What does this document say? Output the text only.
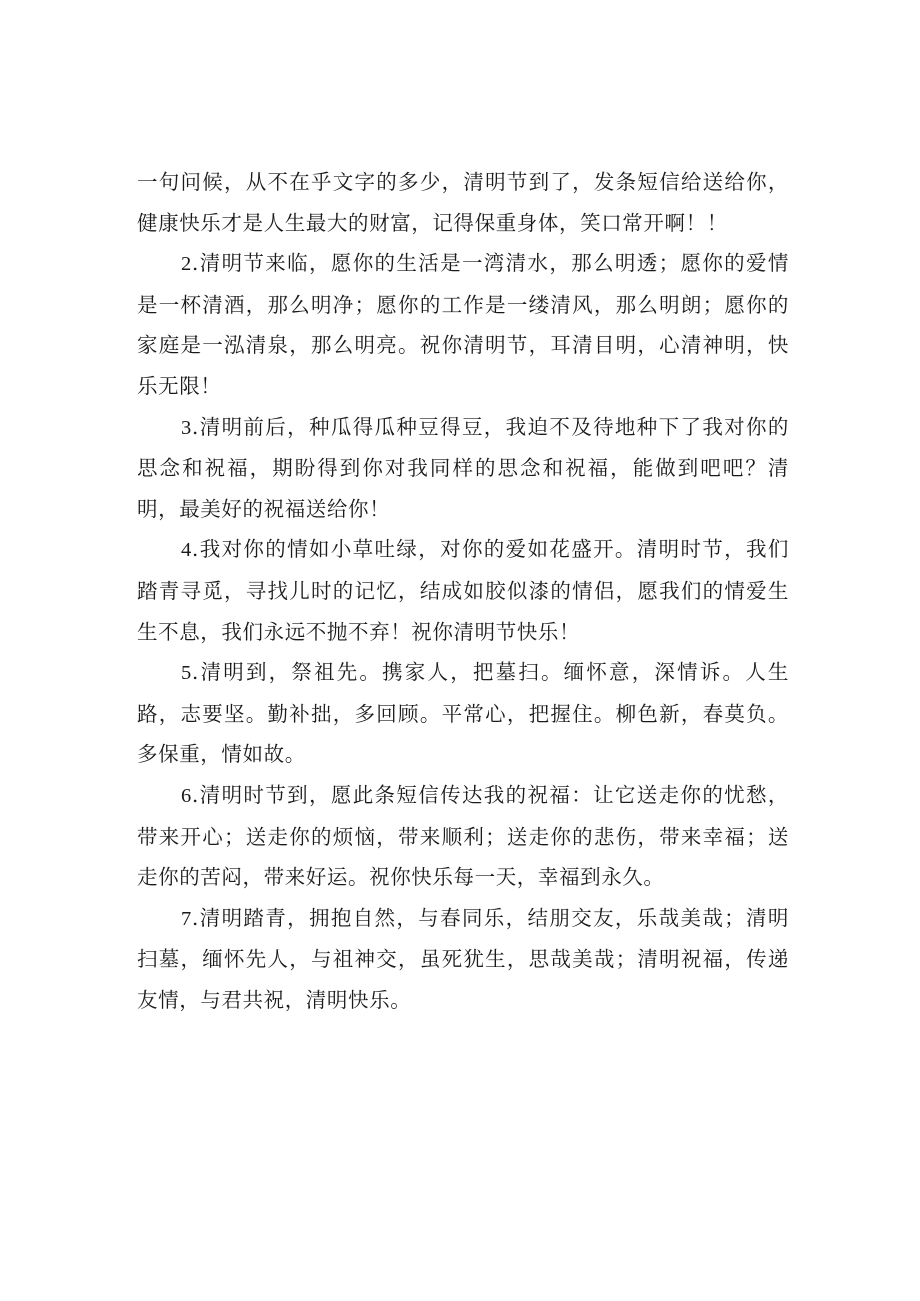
一句问候，从不在乎文字的多少，清明节到了，发条短信给送给你，健康快乐才是人生最大的财富，记得保重身体，笑口常开啊！！

2.清明节来临，愿你的生活是一湾清水，那么明透；愿你的爱情是一杯清酒，那么明净；愿你的工作是一缕清风，那么明朗；愿你的家庭是一泓清泉，那么明亮。祝你清明节，耳清目明，心清神明，快乐无限！

3.清明前后，种瓜得瓜种豆得豆，我迫不及待地种下了我对你的思念和祝福，期盼得到你对我同样的思念和祝福，能做到吧吧？清明，最美好的祝福送给你！

4.我对你的情如小草吐绿，对你的爱如花盛开。清明时节，我们踏青寻觅，寻找儿时的记忆，结成如胶似漆的情侣，愿我们的情爱生生不息，我们永远不抛不弃！祝你清明节快乐！

5.清明到，祭祖先。携家人，把墓扫。缅怀意，深情诉。人生路，志要坚。勤补拙，多回顾。平常心，把握住。柳色新，春莫负。多保重，情如故。

6.清明时节到，愿此条短信传达我的祝福：让它送走你的忧愁，带来开心；送走你的烦恼，带来顺利；送走你的悲伤，带来幸福；送走你的苦闷，带来好运。祝你快乐每一天，幸福到永久。

7.清明踏青，拥抱自然，与春同乐，结朋交友，乐哉美哉；清明扫墓，缅怀先人，与祖神交，虽死犹生，思哉美哉；清明祝福，传递友情，与君共祝，清明快乐。
